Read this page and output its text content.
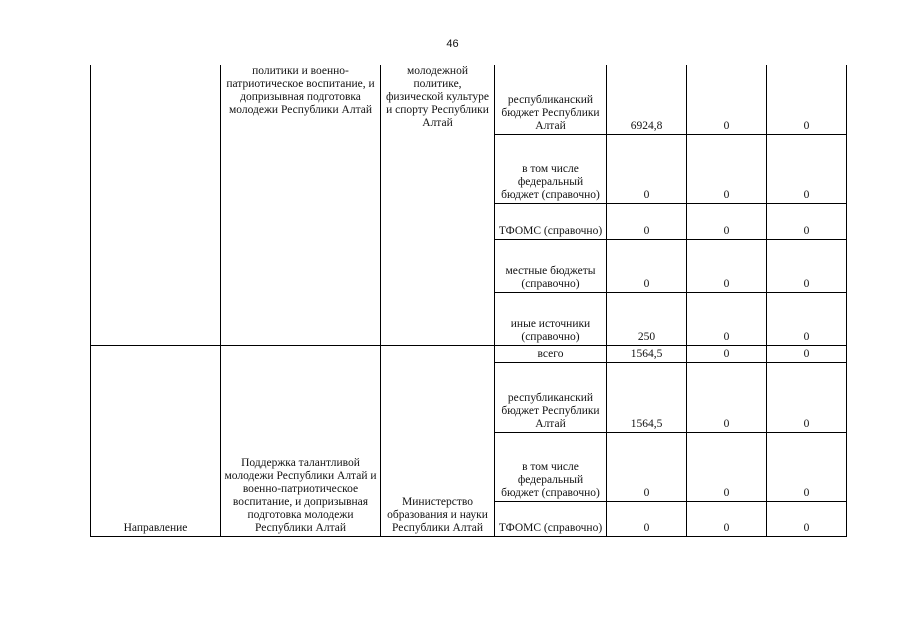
46
	политики и военно-патриотическое воспитание, и допризывная подготовка молодежи Республики Алтай	молодежной политике, физической культуре и спорту Республики Алтай	республиканский бюджет Республики Алтай	6924,8	0	0
			в том числе федеральный бюджет (справочно)	0	0	0
			ТФОМС (справочно)	0	0	0
			местные бюджеты (справочно)	0	0	0
			иные источники (справочно)	250	0	0
Направление	Поддержка талантливой молодежи Республики Алтай и военно-патриотическое воспитание, и допризывная подготовка молодежи Республики Алтай	Министерство образования и науки Республики Алтай	всего	1564,5	0	0
			республиканский бюджет Республики Алтай	1564,5	0	0
			в том числе федеральный бюджет (справочно)	0	0	0
			ТФОМС (справочно)	0	0	0
